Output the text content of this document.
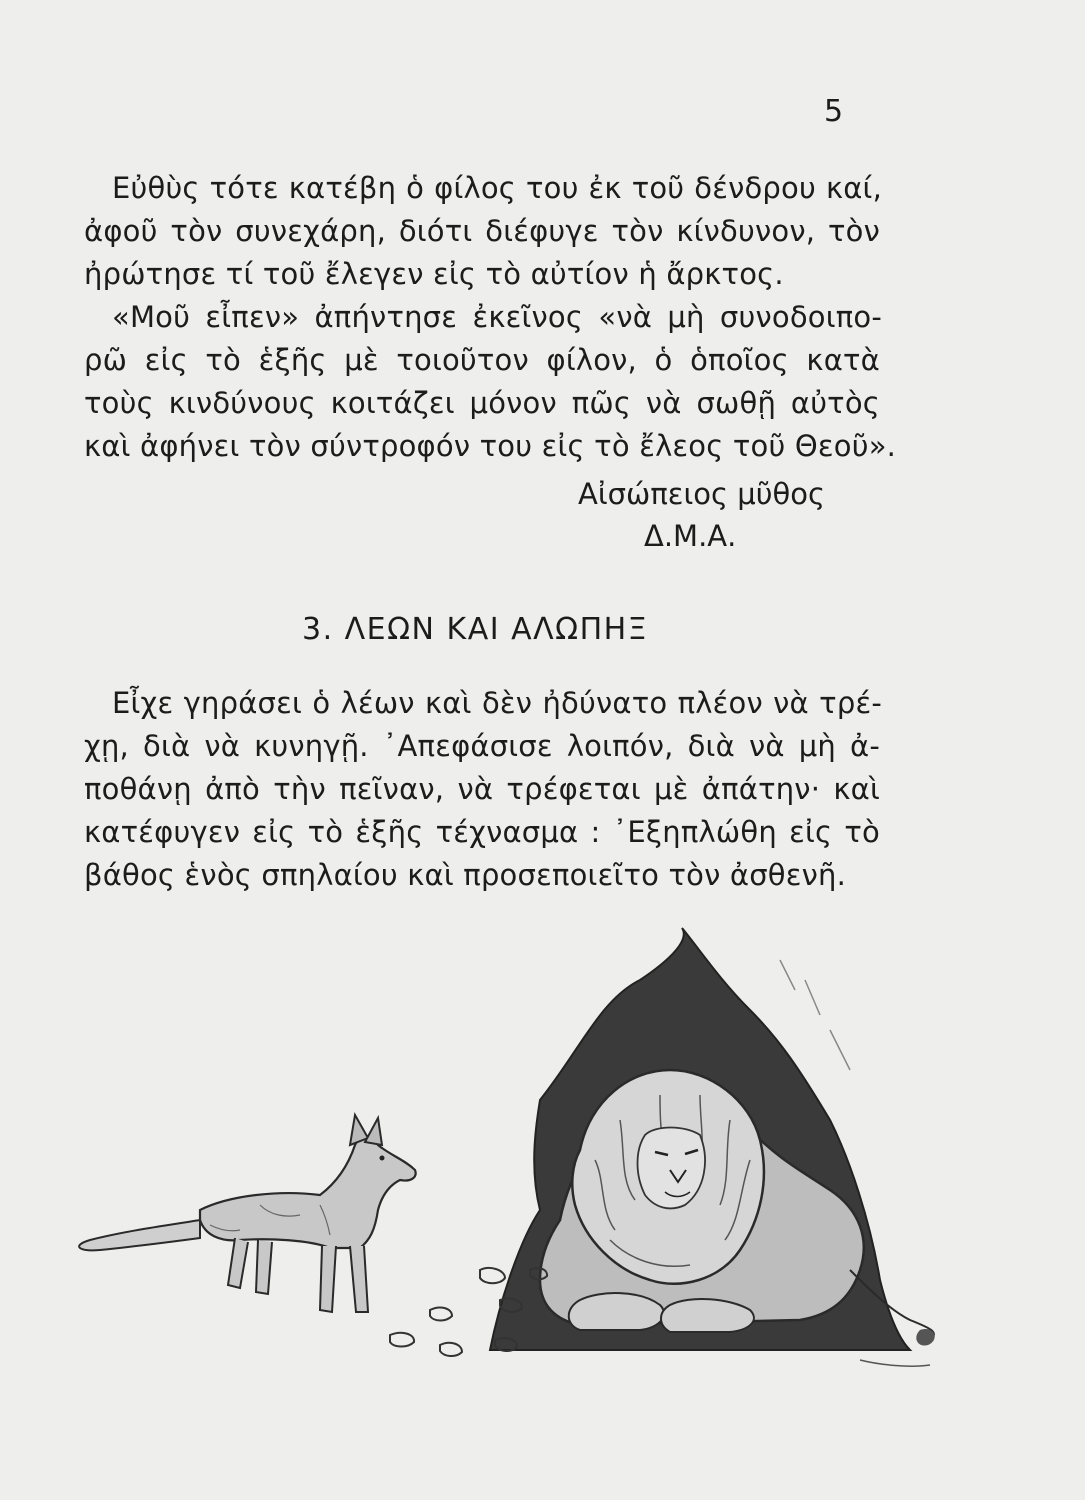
5
Εὐθὺς τότε κατέβη ὁ φίλος του ἐκ τοῦ δένδρου καί,
ἀφοῦ τὸν συνεχάρη, διότι διέφυγε τὸν κίνδυνον, τὸν
ἠρώτησε τί τοῦ ἔλεγεν εἰς τὸ αὐτίον ἡ ἄρκτος.
«Μοῦ εἶπεν» ἀπήντησε ἐκεῖνος «νὰ μὴ συνοδοιπο-
ρῶ εἰς τὸ ἑξῆς μὲ τοιοῦτον φίλον, ὁ ὁποῖος κατὰ
τοὺς κινδύνους κοιτάζει μόνον πῶς νὰ σωθῇ αὐτὸς
καὶ ἀφήνει τὸν σύντροφόν του εἰς τὸ ἔλεος τοῦ Θεοῦ».
Αἰσώπειος μῦθος
Δ.Μ.Α.
3. ΛΕΩΝ ΚΑΙ ΑΛΩΠΗΞ
Εἶχε γηράσει ὁ λέων καὶ δὲν ἠδύνατο πλέον νὰ τρέ-
χῃ, διὰ νὰ κυνηγῇ. ᾿Απεφάσισε λοιπόν, διὰ νὰ μὴ ἀ-
ποθάνῃ ἀπὸ τὴν πεῖναν, νὰ τρέφεται μὲ ἀπάτην· καὶ
κατέφυγεν εἰς τὸ ἑξῆς τέχνασμα : ᾿Εξηπλώθη εἰς τὸ
βάθος ἑνὸς σπηλαίου καὶ προσεποιεῖτο τὸν ἀσθενῆ.
